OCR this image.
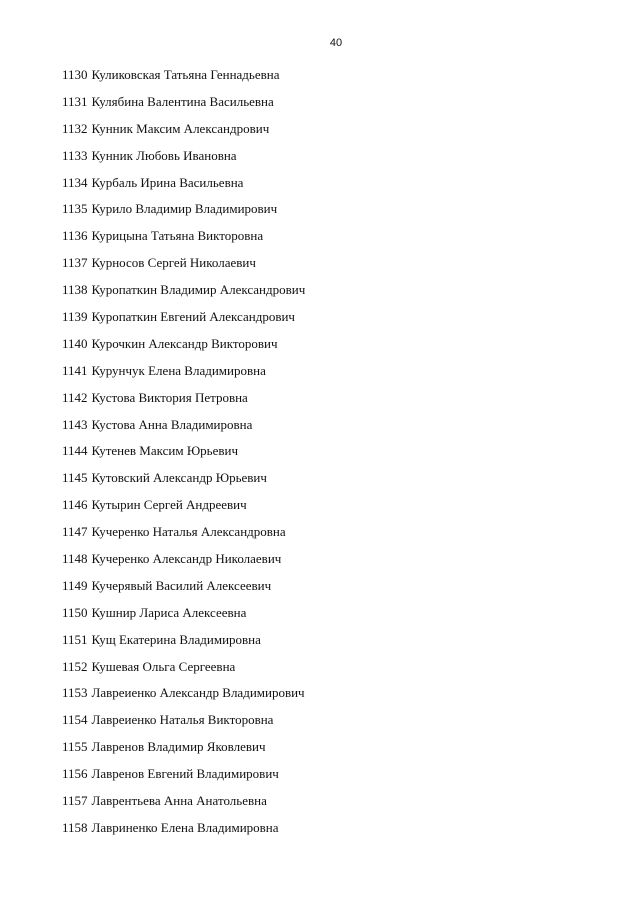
40
1130 Куликовская Татьяна Геннадьевна
1131 Кулябина Валентина Васильевна
1132 Кунник Максим Александрович
1133 Кунник Любовь Ивановна
1134 Курбаль Ирина Васильевна
1135 Курило Владимир Владимирович
1136 Курицына Татьяна Викторовна
1137 Курносов Сергей Николаевич
1138 Куропаткин Владимир Александрович
1139 Куропаткин Евгений Александрович
1140 Курочкин Александр Викторович
1141 Курунчук Елена Владимировна
1142 Кустова Виктория Петровна
1143 Кустова Анна Владимировна
1144 Кутенев Максим Юрьевич
1145 Кутовский Александр Юрьевич
1146 Кутырин Сергей Андреевич
1147 Кучеренко Наталья Александровна
1148 Кучеренко Александр Николаевич
1149 Кучерявый Василий Алексеевич
1150 Кушнир Лариса Алексеевна
1151 Кущ Екатерина Владимировна
1152 Кушевая Ольга Сергеевна
1153 Лавреиенко Александр Владимирович
1154 Лавреиенко Наталья Викторовна
1155 Лавренов Владимир Яковлевич
1156 Лавренов Евгений Владимирович
1157 Лаврентьева Анна Анатольевна
1158 Лавриненко Елена Владимировна
